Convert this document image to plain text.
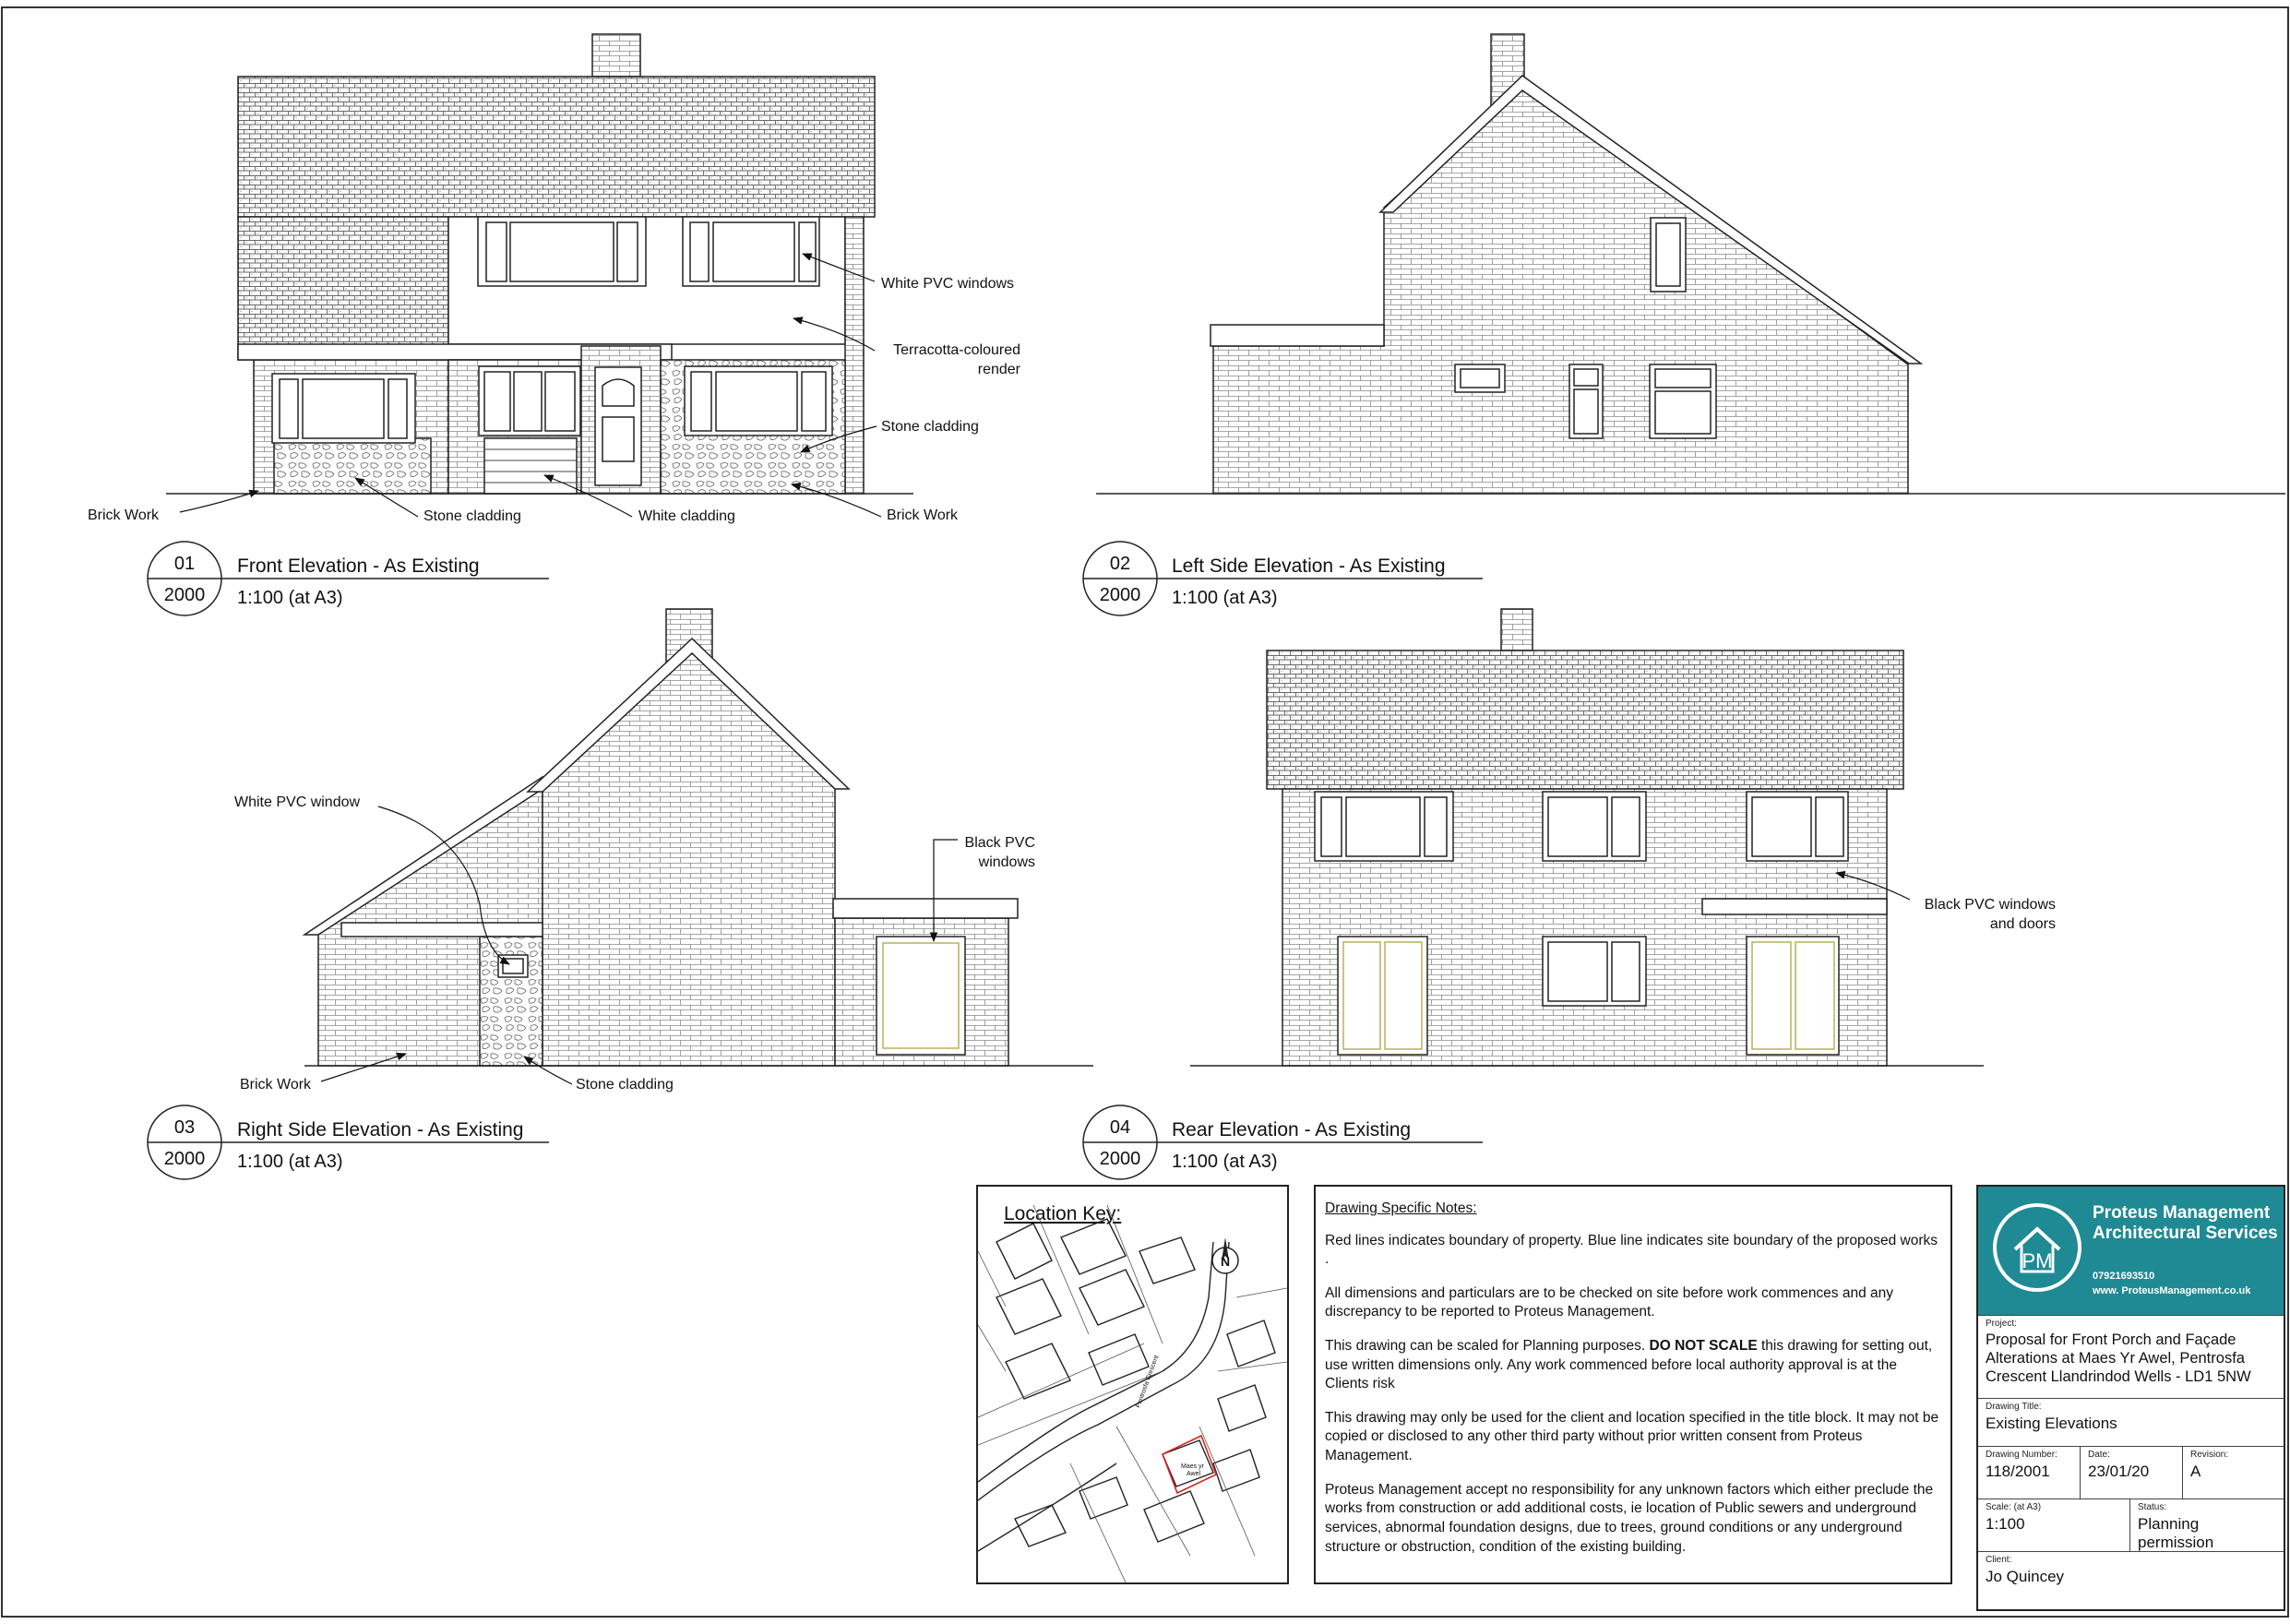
White PVC windows
Terracotta-coloured
render
Stone cladding
Brick Work	Stone cladding	White cladding	Brick Work
White PVC window
Black PVC
windows
Brick Work	Stone cladding
Black PVC windows
and doors
01
2000
Front Elevation - As Existing
1:100 (at A3)
02
2000
Left Side Elevation - As Existing
1:100 (at A3)
03
2000
Right Side Elevation - As Existing
1:100 (at A3)
04
2000
Rear Elevation - As Existing
1:100 (at A3)
Location Key:
N
Pentrosfa Crescent
Maes yr
Awel
Drawing Specific Notes:

Red lines indicates boundary of property. Blue line indicates site boundary of the proposed works .

All dimensions and particulars are to be checked on site before work commences and any discrepancy to be reported to Proteus Management.

This drawing can be scaled for Planning purposes. DO NOT SCALE this drawing for setting out, use written dimensions only. Any work commenced before local authority approval is at the Clients risk

This drawing may only be used for the client and location specified in the title block. It may not be copied or disclosed to any other third party without prior written consent from Proteus Management.

Proteus Management accept no responsibility for any unknown factors which either preclude the works from construction or add additional costs, ie location of Public sewers and underground services, abnormal foundation designs, due to trees, ground conditions or any underground structure or obstruction, condition of the existing building.

PM
Proteus Management
Architectural Services
07921693510
www. ProteusManagement.co.uk
Project:
Proposal for Front Porch and Façade Alterations at Maes Yr Awel, Pentrosfa Crescent Llandrindod Wells - LD1 5NW
Drawing Title:
Existing Elevations
Drawing Number:
118/2001
Date:
23/01/20
Revision:
A
Scale: (at A3)
1:100
Status:
Planning permission
Client:
Jo Quincey
